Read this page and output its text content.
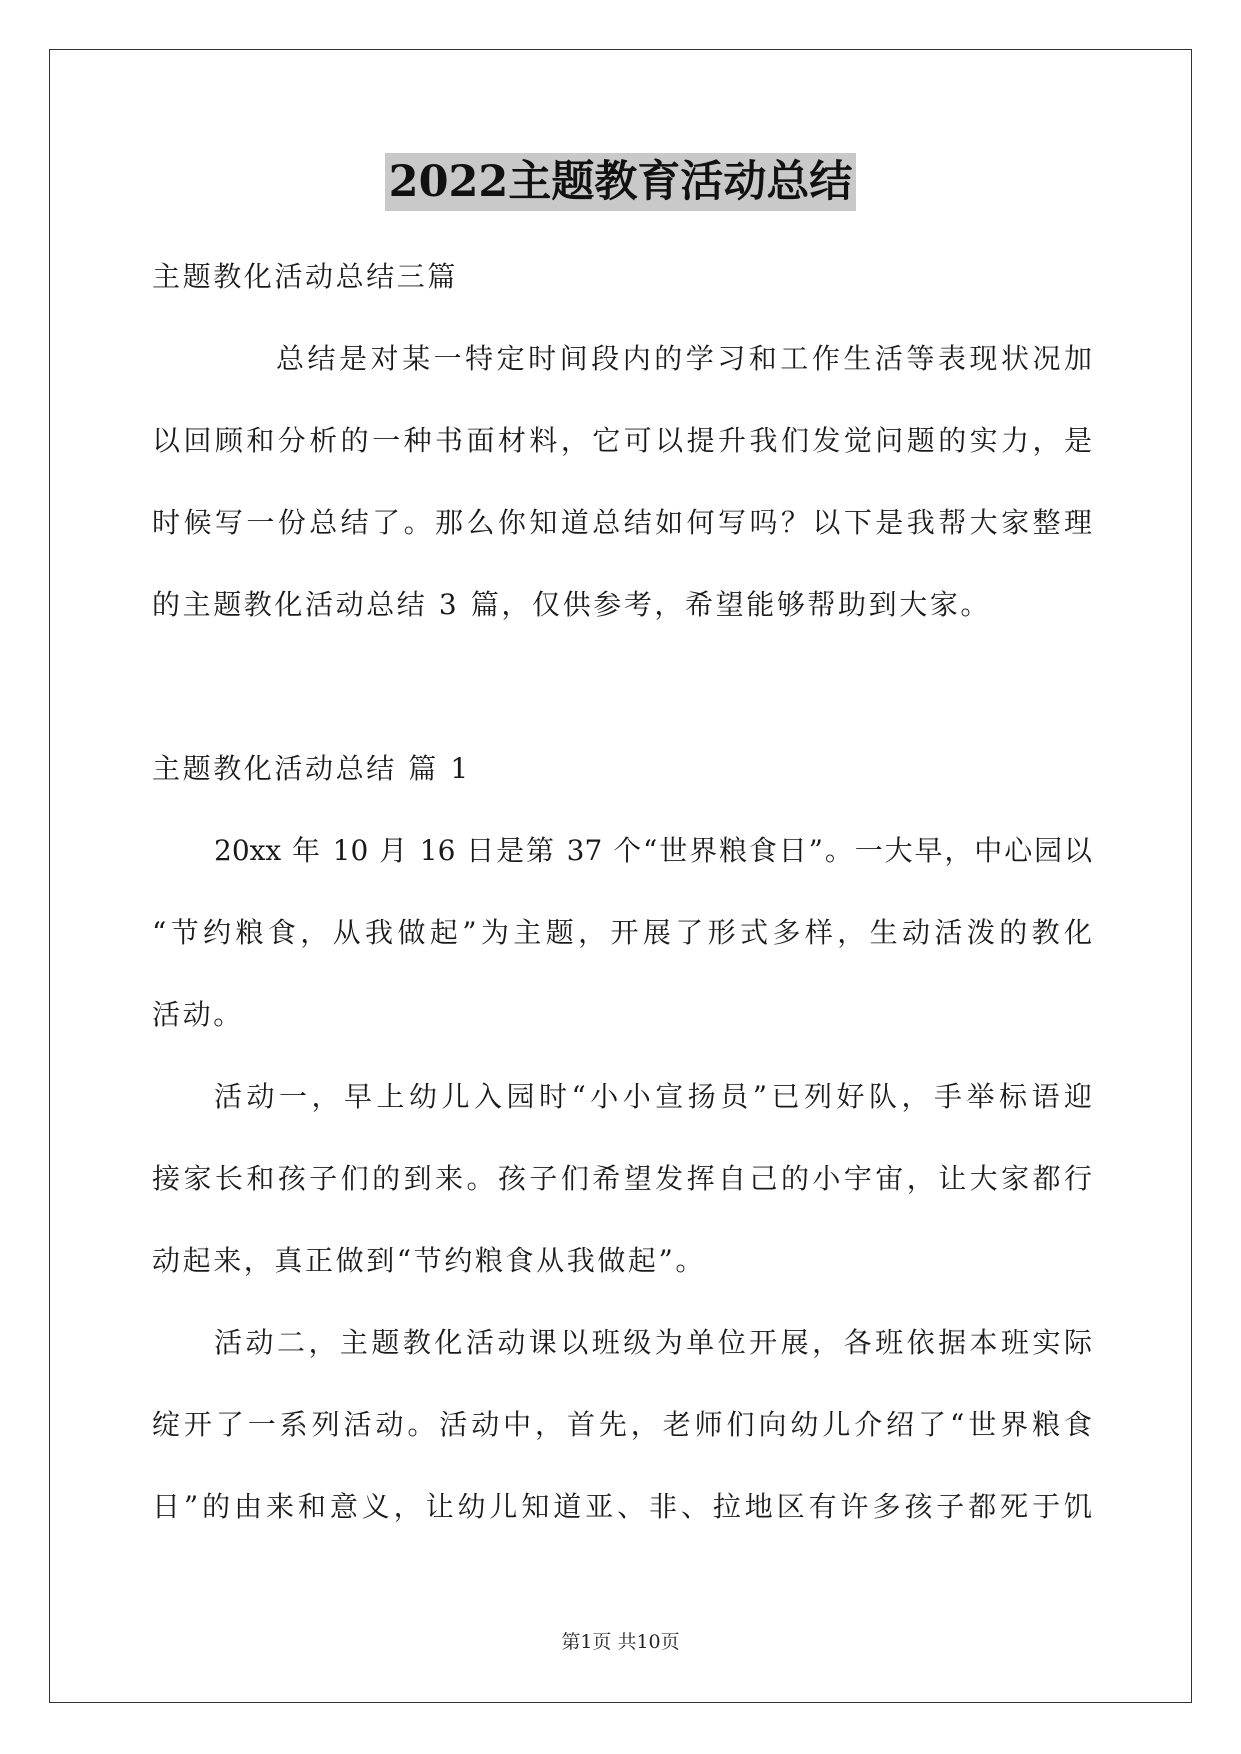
2022主题教育活动总结
主题教化活动总结三篇
总结是对某一特定时间段内的学习和工作生活等表现状况加
以回顾和分析的一种书面材料，它可以提升我们发觉问题的实力，是
时候写一份总结了。那么你知道总结如何写吗？以下是我帮大家整理
的主题教化活动总结 3 篇，仅供参考，希望能够帮助到大家。
主题教化活动总结 篇 1
20xx 年 10 月 16 日是第 37 个“世界粮食日”。一大早，中心园以
“节约粮食，从我做起”为主题，开展了形式多样，生动活泼的教化
活动。
活动一，早上幼儿入园时“小小宣扬员”已列好队，手举标语迎
接家长和孩子们的到来。孩子们希望发挥自己的小宇宙，让大家都行
动起来，真正做到“节约粮食从我做起”。
活动二，主题教化活动课以班级为单位开展，各班依据本班实际
绽开了一系列活动。活动中，首先，老师们向幼儿介绍了“世界粮食
日”的由来和意义，让幼儿知道亚、非、拉地区有许多孩子都死于饥
第1页 共10页
